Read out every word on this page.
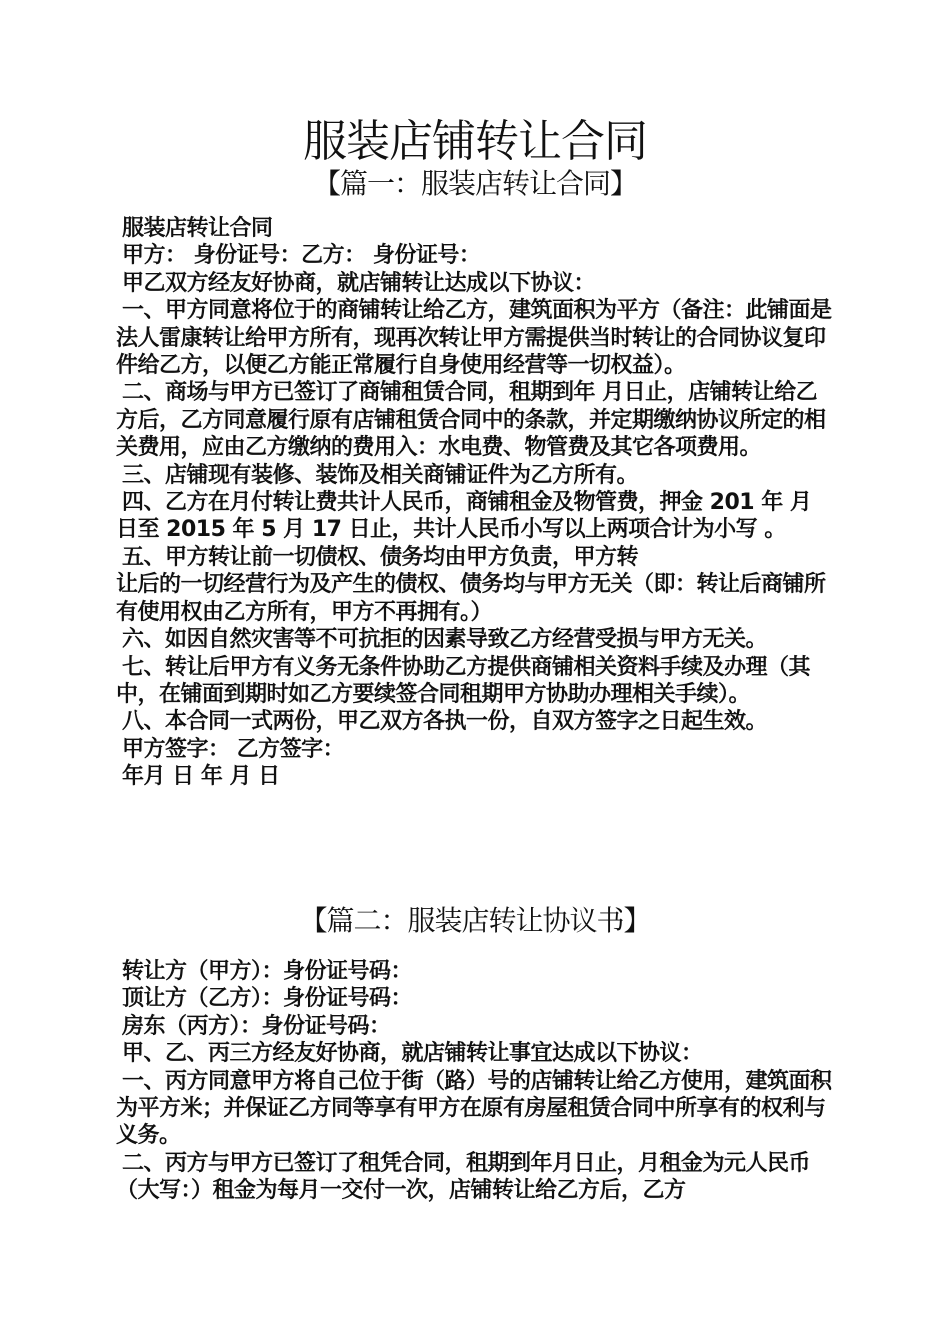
服装店铺转让合同
【篇一：服装店转让合同】

服装店转让合同

甲方： 身份证号：乙方： 身份证号：

甲乙双方经友好协商，就店铺转让达成以下协议：

一、甲方同意将位于的商铺转让给乙方，建筑面积为平方（备注：此铺面是法人雷康转让给甲方所有，现再次转让甲方需提供当时转让的合同协议复印件给乙方，以便乙方能正常履行自身使用经营等一切权益）。

二、商场与甲方已签订了商铺租赁合同，租期到年 月日止，店铺转让给乙方后，乙方同意履行原有店铺租赁合同中的条款，并定期缴纳协议所定的相关费用，应由乙方缴纳的费用入：水电费、物管费及其它各项费用。

三、店铺现有装修、装饰及相关商铺证件为乙方所有。

四、乙方在月付转让费共计人民币，商铺租金及物管费，押金 201 年 月 日至 2015 年 5 月 17 日止，共计人民币小写以上两项合计为小写 。

五、甲方转让前一切债权、债务均由甲方负责，甲方转

让后的一切经营行为及产生的债权、债务均与甲方无关（即：转让后商铺所有使用权由乙方所有，甲方不再拥有。）

六、如因自然灾害等不可抗拒的因素导致乙方经营受损与甲方无关。

七、转让后甲方有义务无条件协助乙方提供商铺相关资料手续及办理（其中，在铺面到期时如乙方要续签合同租期甲方协助办理相关手续）。

八、本合同一式两份，甲乙双方各执一份，自双方签字之日起生效。

甲方签字： 乙方签字：

年月 日 年 月 日

【篇二：服装店转让协议书】

转让方（甲方）：身份证号码：

顶让方（乙方）：身份证号码：

房东（丙方）：身份证号码：

甲、乙、丙三方经友好协商，就店铺转让事宜达成以下协议：

一、丙方同意甲方将自己位于街（路）号的店铺转让给乙方使用，建筑面积为平方米；并保证乙方同等享有甲方在原有房屋租赁合同中所享有的权利与义务。

二、丙方与甲方已签订了租凭合同，租期到年月日止，月租金为元人民币（大写：）租金为每月一交付一次，店铺转让给乙方后，乙方
